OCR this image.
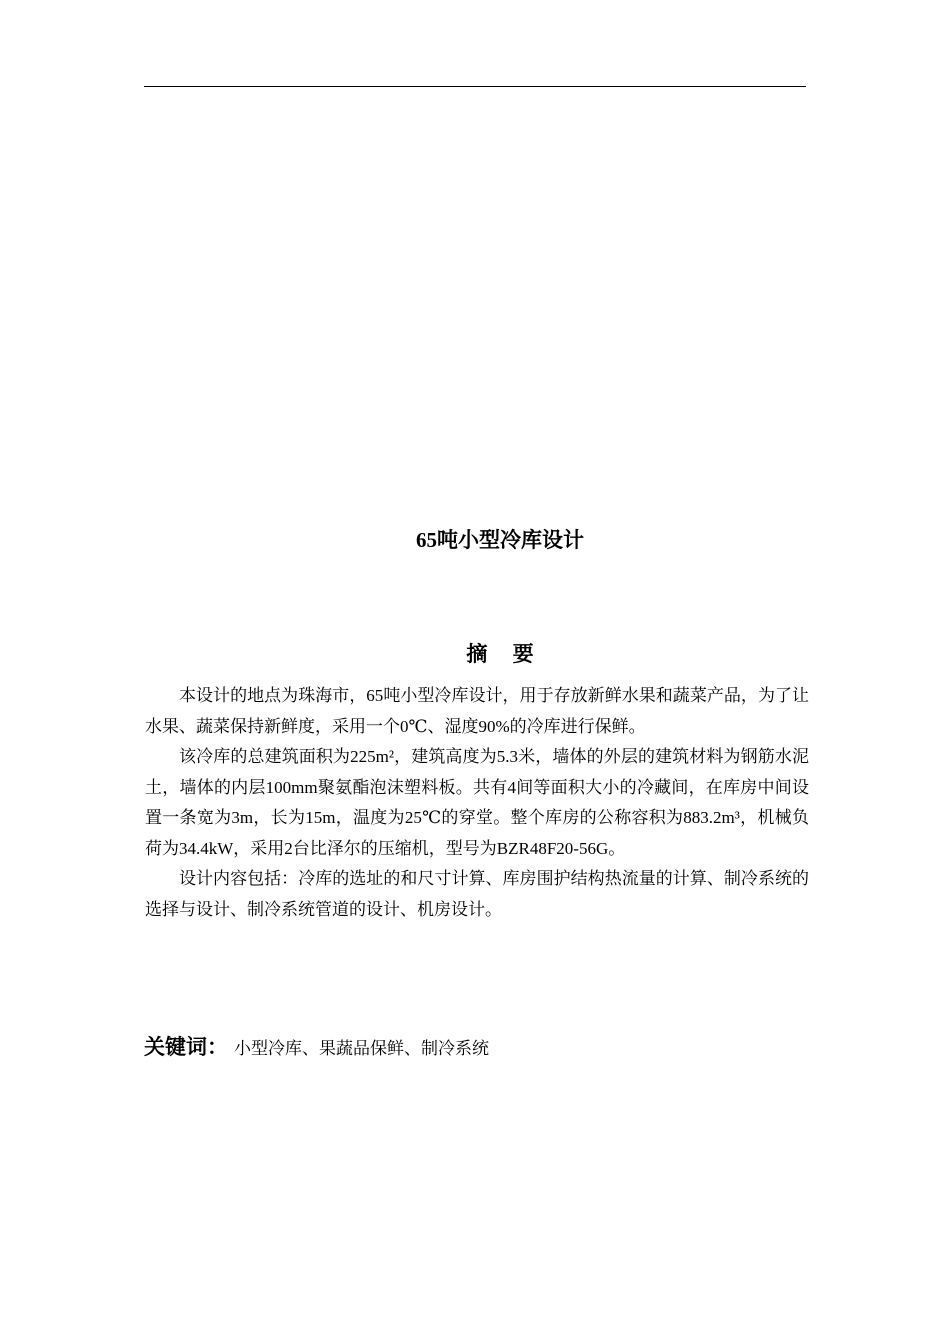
65吨小型冷库设计
摘要

本设计的地点为珠海市，65吨小型冷库设计，用于存放新鲜水果和蔬菜产品，为了让水果、蔬菜保持新鲜度，采用一个0℃、湿度90%的冷库进行保鲜。

该冷库的总建筑面积为225m²，建筑高度为5.3米，墙体的外层的建筑材料为钢筋水泥土，墙体的内层100mm聚氨酯泡沫塑料板。共有4间等面积大小的冷藏间，在库房中间设置一条宽为3m，长为15m，温度为25℃的穿堂。整个库房的公称容积为883.2m³，机械负荷为34.4kW，采用2台比泽尔的压缩机，型号为BZR48F20-56G。

设计内容包括：冷库的选址的和尺寸计算、库房围护结构热流量的计算、制冷系统的选择与设计、制冷系统管道的设计、机房设计。

关键词： 小型冷库、果蔬品保鲜、制冷系统
